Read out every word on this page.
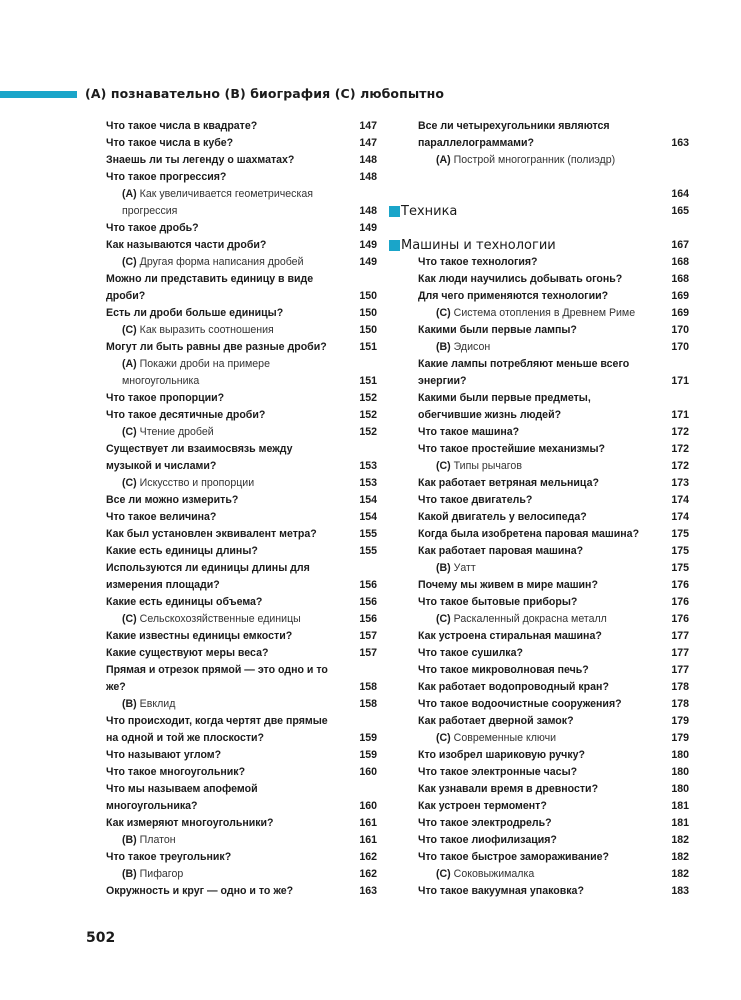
(A) познавательно (B) биография (C) любопытно
Что такое числа в квадрате?	147
Что такое числа в кубе?	147
Знаешь ли ты легенду о шахматах?	148
Что такое прогрессия?	148
(A) Как увеличивается геометрическая прогрессия	148
Что такое дробь?	149
Как называются части дроби?	149
(C) Другая форма написания дробей	149
Можно ли представить единицу в виде дроби?	150
Есть ли дроби больше единицы?	150
(C) Как выразить соотношения	150
Могут ли быть равны две разные дроби?	151
(A) Покажи дроби на примере многоугольника	151
Что такое пропорции?	152
Что такое десятичные дроби?	152
(C) Чтение дробей	152
Существует ли взаимосвязь между музыкой и числами?	153
(C) Искусство и пропорции	153
Все ли можно измерить?	154
Что такое величина?	154
Как был установлен эквивалент метра?	155
Какие есть единицы длины?	155
Используются ли единицы длины для измерения площади?	156
Какие есть единицы объема?	156
(C) Сельскохозяйственные единицы	156
Какие известны единицы емкости?	157
Какие существуют меры веса?	157
Прямая и отрезок прямой — это одно и то же?	158
(B) Евклид	158
Что происходит, когда чертят две прямые на одной и той же плоскости?	159
Что называют углом?	159
Что такое многоугольник?	160
Что мы называем апофемой многоугольника?	160
Как измеряют многоугольники?	161
(B) Платон	161
Что такое треугольник?	162
(B) Пифагор	162
Окружность и круг — одно и то же?	163
Все ли четырехугольники являются параллелограммами?	163
(A) Построй многогранник (полиэдр)

164
Техника	165
Машины и технологии	167
Что такое технология?	168
Как люди научились добывать огонь?	168
Для чего применяются технологии?	169
(C) Система отопления в Древнем Риме	169
Какими были первые лампы?	170
(B) Эдисон	170
Какие лампы потребляют меньше всего энергии?	171
Какими были первые предметы, обегчившие жизнь людей?	171
Что такое машина?	172
Что такое простейшие механизмы?	172
(C) Типы рычагов	172
Как работает ветряная мельница?	173
Что такое двигатель?	174
Какой двигатель у велосипеда?	174
Когда была изобретена паровая машина?	175
Как работает паровая машина?	175
(B) Уатт	175
Почему мы живем в мире машин?	176
Что такое бытовые приборы?	176
(C) Раскаленный докрасна металл	176
Как устроена стиральная машина?	177
Что такое сушилка?	177
Что такое микроволновая печь?	177
Как работает водопроводный кран?	178
Что такое водоочистные сооружения?	178
Как работает дверной замок?	179
(C) Современные ключи	179
Кто изобрел шариковую ручку?	180
Что такое электронные часы?	180
Как узнавали время в древности?	180
Как устроен термомент?	181
Что такое электродрель?	181
Что такое лиофилизация?	182
Что такое быстрое замораживание?	182
(C) Соковыжималка	182
Что такое вакуумная упаковка?	183
502
